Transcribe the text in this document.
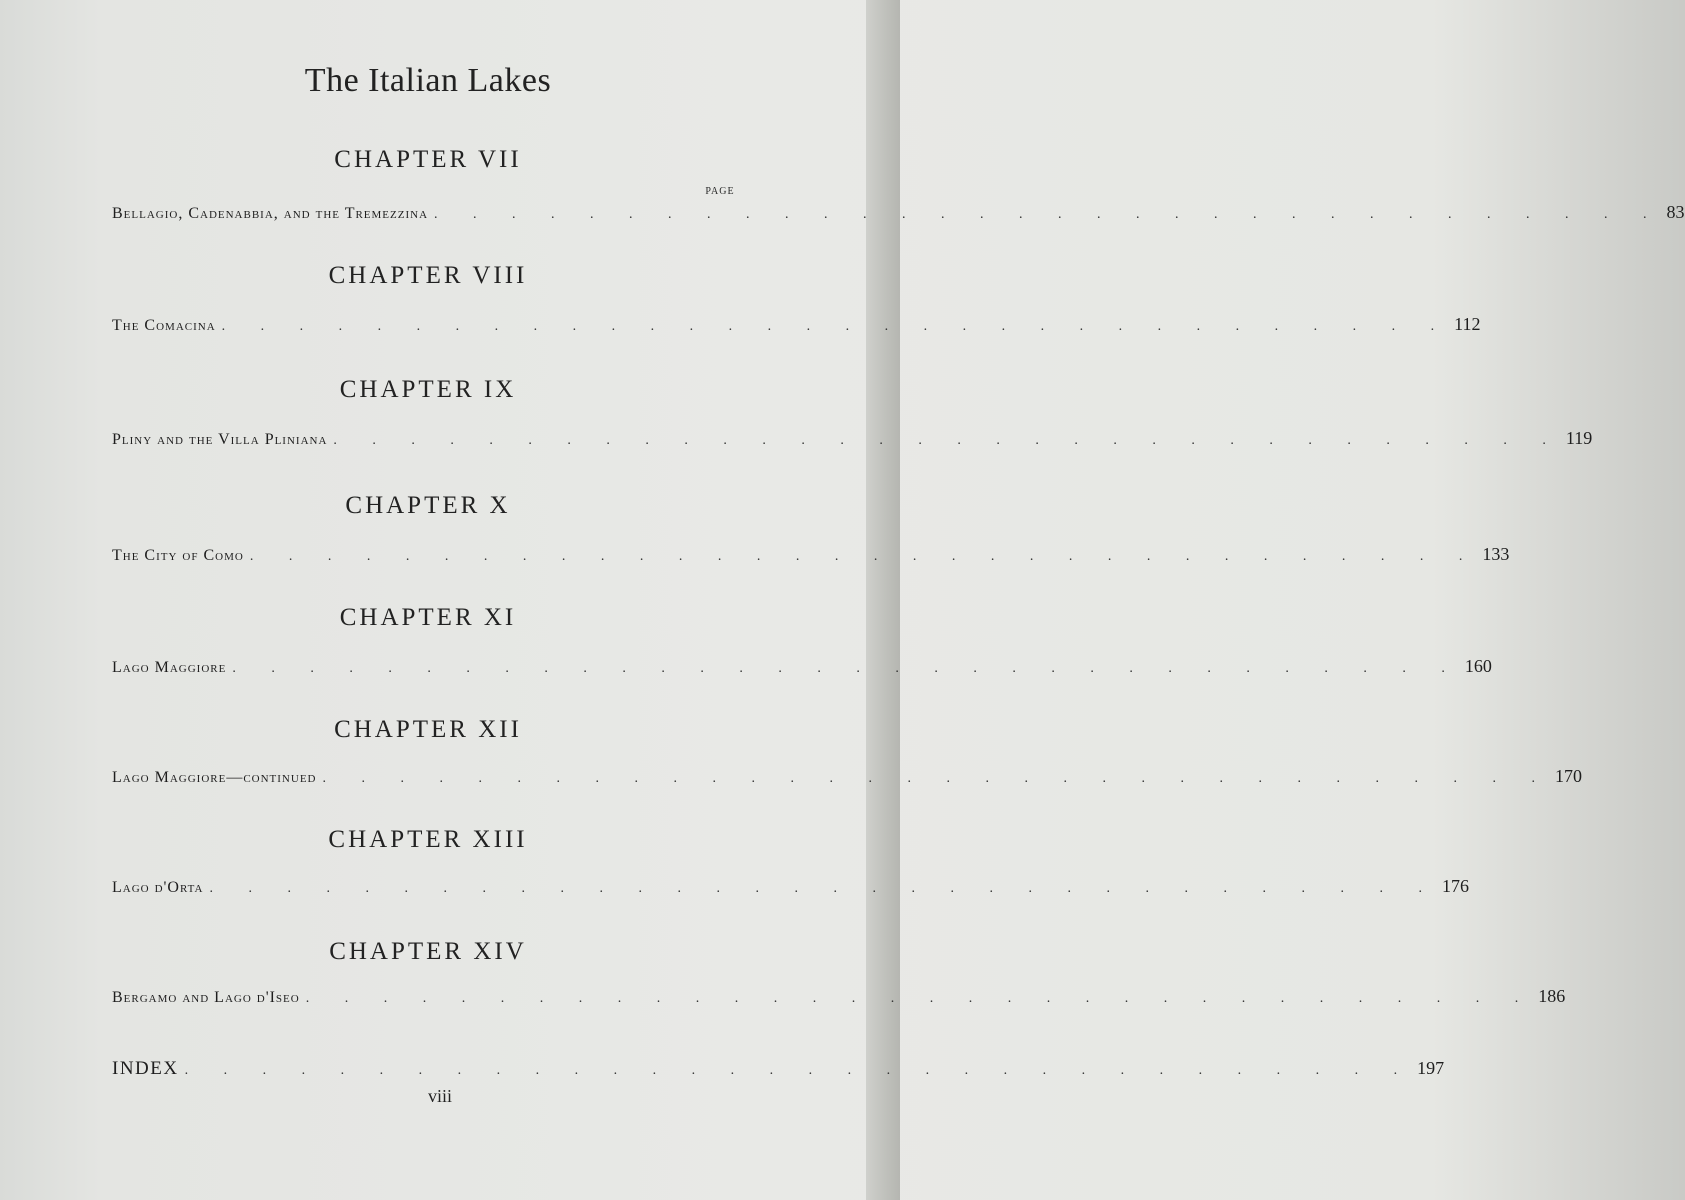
The Italian Lakes
PAGE
CHAPTER VII
Bellagio, Cadenabbia, and the Tremezzina . . . . . . . . . . . . . . . . . . . . . . . . . . . . . . . . 83
CHAPTER VIII
The Comacina . . . . . . . . . . . . . . . . . . . . . . . . . . . . . . . . 112
CHAPTER IX
Pliny and the Villa Pliniana . . . . . . . . . . . . . . . . . . . . . . . . . . . . . . . . 119
CHAPTER X
The City of Como . . . . . . . . . . . . . . . . . . . . . . . . . . . . . . . . 133
CHAPTER XI
Lago Maggiore . . . . . . . . . . . . . . . . . . . . . . . . . . . . . . . . 160
CHAPTER XII
Lago Maggiore—continued . . . . . . . . . . . . . . . . . . . . . . . . . . . . . . . . 170
CHAPTER XIII
Lago d'Orta . . . . . . . . . . . . . . . . . . . . . . . . . . . . . . . . 176
CHAPTER XIV
Bergamo and Lago d'Iseo . . . . . . . . . . . . . . . . . . . . . . . . . . . . . . . . 186
INDEX . . . . . . . . . . . . . . . . . . . . . . . . . . . . . . . . 197
viii
